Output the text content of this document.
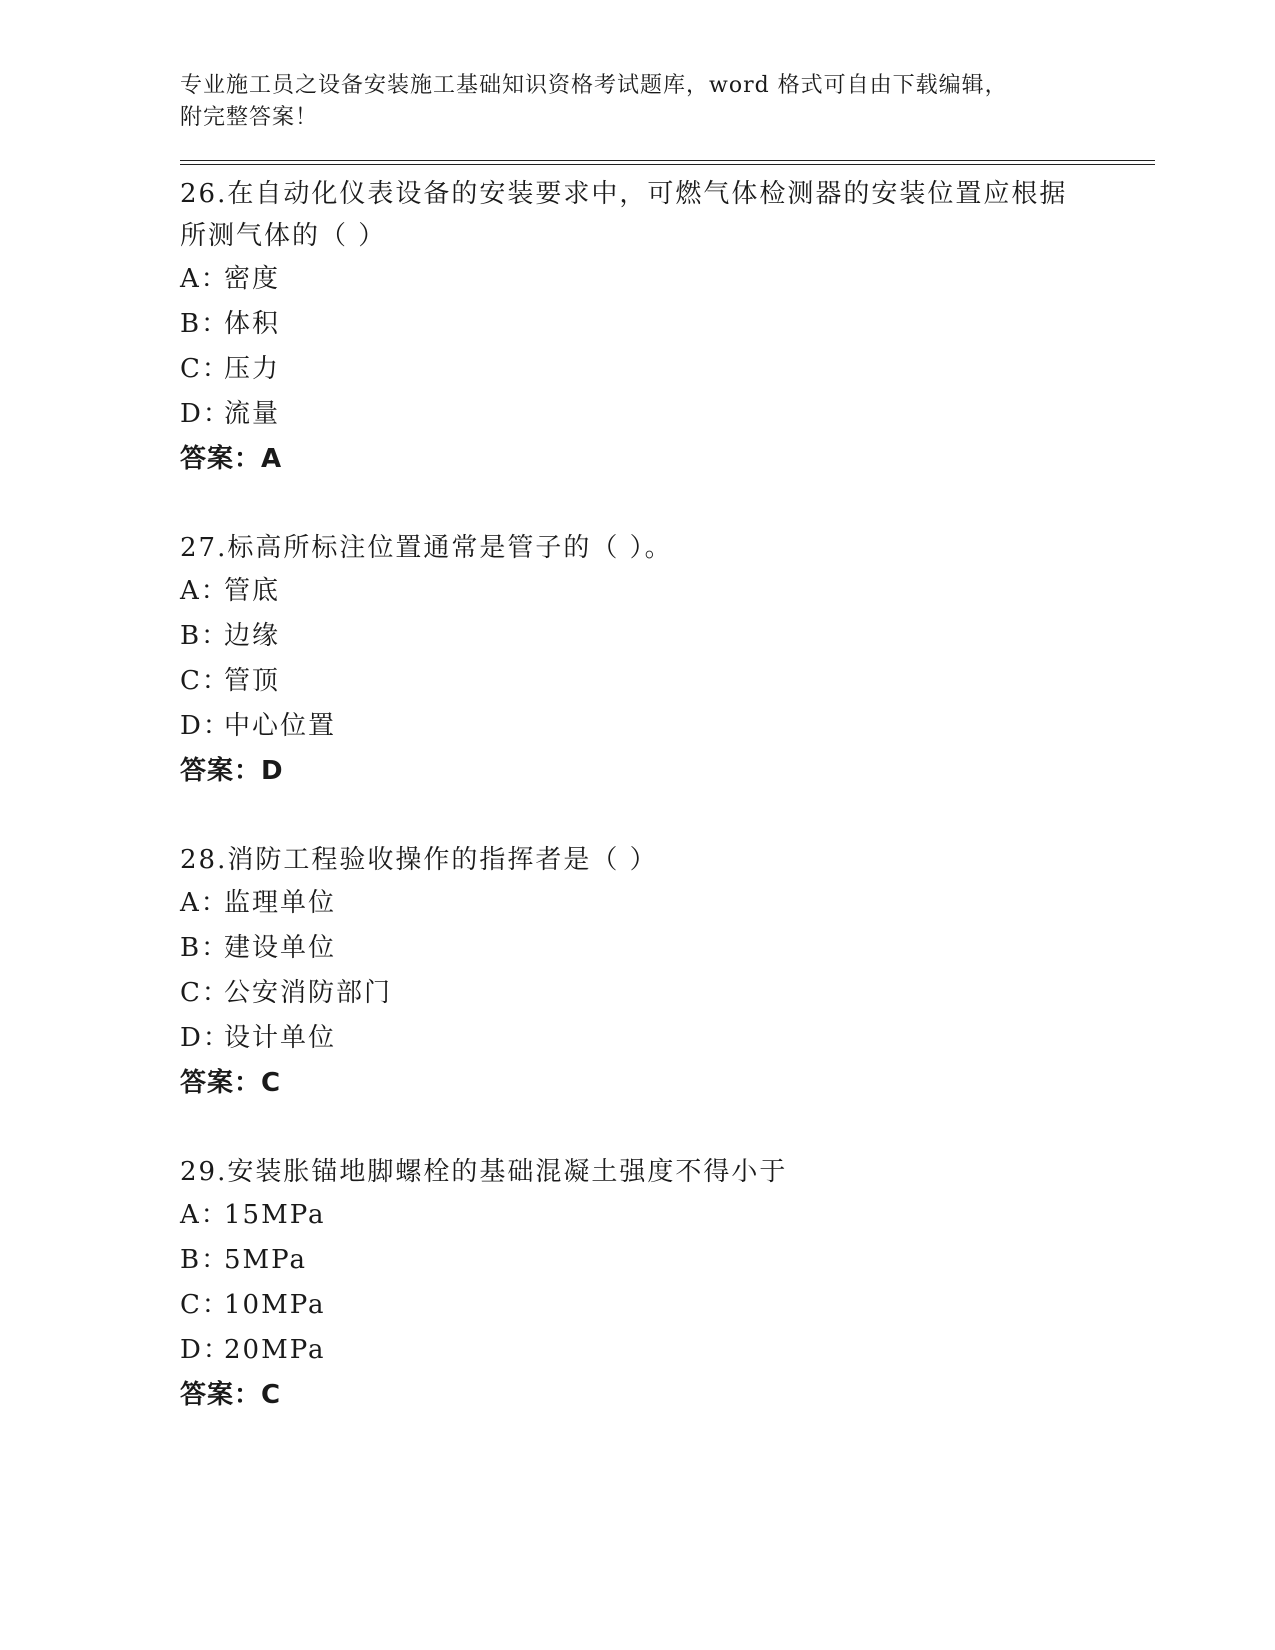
专业施工员之设备安装施工基础知识资格考试题库，word 格式可自由下载编辑，
附完整答案！

26.在自动化仪表设备的安装要求中，可燃气体检测器的安装位置应根据所测气体的（ ）

A：
密度
B：
体积
C：
压力
D：
流量
答案：A

27.标高所标注位置通常是管子的（ ）。

A：
管底
B：
边缘
C：
管顶
D：
中心位置
答案：D

28.消防工程验收操作的指挥者是（ ）

A：
监理单位
B：
建设单位
C：
公安消防部门
D：
设计单位
答案：C

29.安装胀锚地脚螺栓的基础混凝土强度不得小于

A：
15MPa
B：
5MPa
C：
10MPa
D：
20MPa
答案：C
